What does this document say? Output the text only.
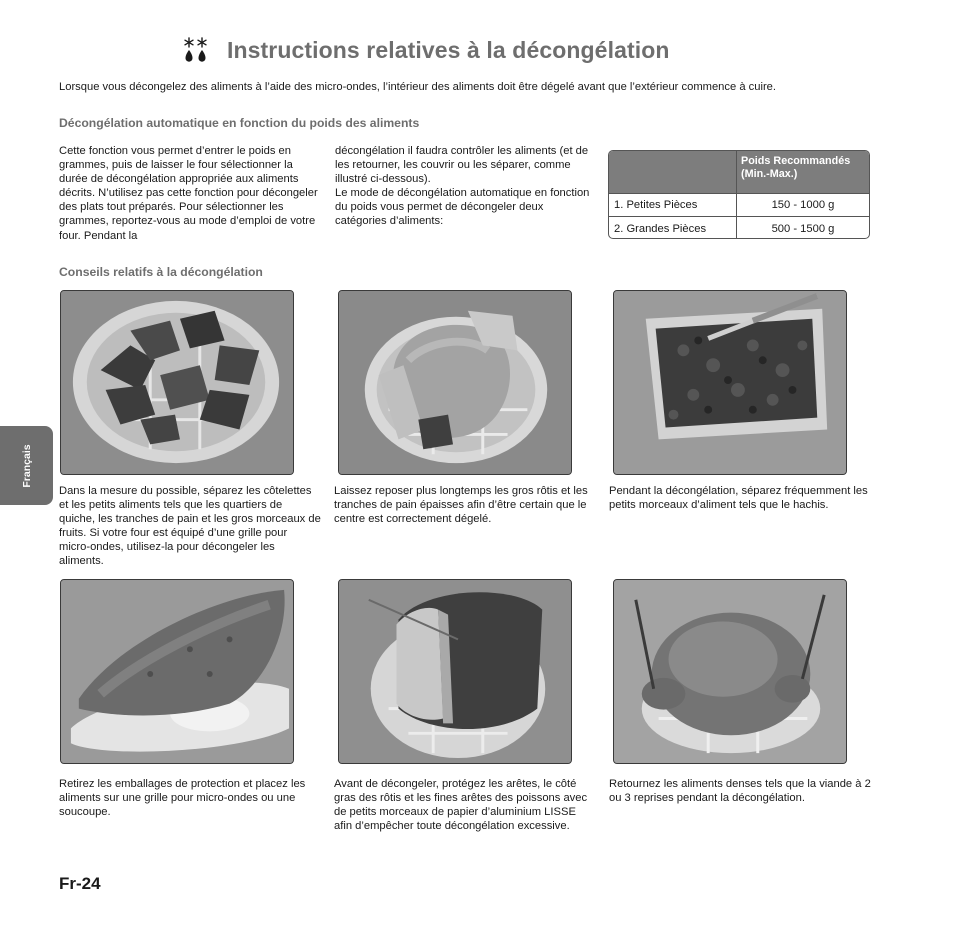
Instructions relatives à la décongélation
Lorsque vous décongelez des aliments à l’aide des micro-ondes, l’intérieur des aliments doit être dégelé avant que l’extérieur commence à cuire.
Décongélation automatique en fonction du poids des aliments

Cette fonction vous permet d’entrer le poids en grammes, puis de laisser le four sélectionner la durée de décongélation appropriée aux aliments décrits. N’utilisez pas cette fonction pour décongeler des plats tout préparés. Pour sélectionner les grammes, reportez-vous au mode d’emploi de votre four. Pendant la

décongélation il faudra contrôler les aliments (et de les retourner, les couvrir ou les séparer, comme illustré ci-dessous).

Le mode de décongélation automatique en fonction du poids vous permet de décongeler deux catégories d’aliments:

Poids Recommandés (Min.-Max.)
1. Petites Pièces	150 - 1000 g
2. Grandes Pièces	500 - 1500 g
Conseils relatifs à la décongélation
Dans la mesure du possible, séparez les côtelettes et les petits aliments tels que les quartiers de quiche, les tranches de pain et les gros morceaux de fruits. Si votre four est équipé d’une grille pour micro-ondes, utilisez-la pour décongeler les aliments.
Laissez reposer plus longtemps les gros rôtis et les tranches de pain épaisses afin d’être certain que le centre est correctement dégelé.
Pendant la décongélation, séparez fréquemment les petits morceaux d’aliment tels que le hachis.
Retirez les emballages de protection et placez les aliments sur une grille pour micro-ondes ou une soucoupe.
Avant de décongeler, protégez les arêtes, le côté gras des rôtis et les fines arêtes des poissons avec de petits morceaux de papier d’aluminium LISSE afin d’empêcher toute décongélation excessive.
Retournez les aliments denses tels que la viande à 2 ou 3 reprises pendant la décongélation.
Français
Fr-24
